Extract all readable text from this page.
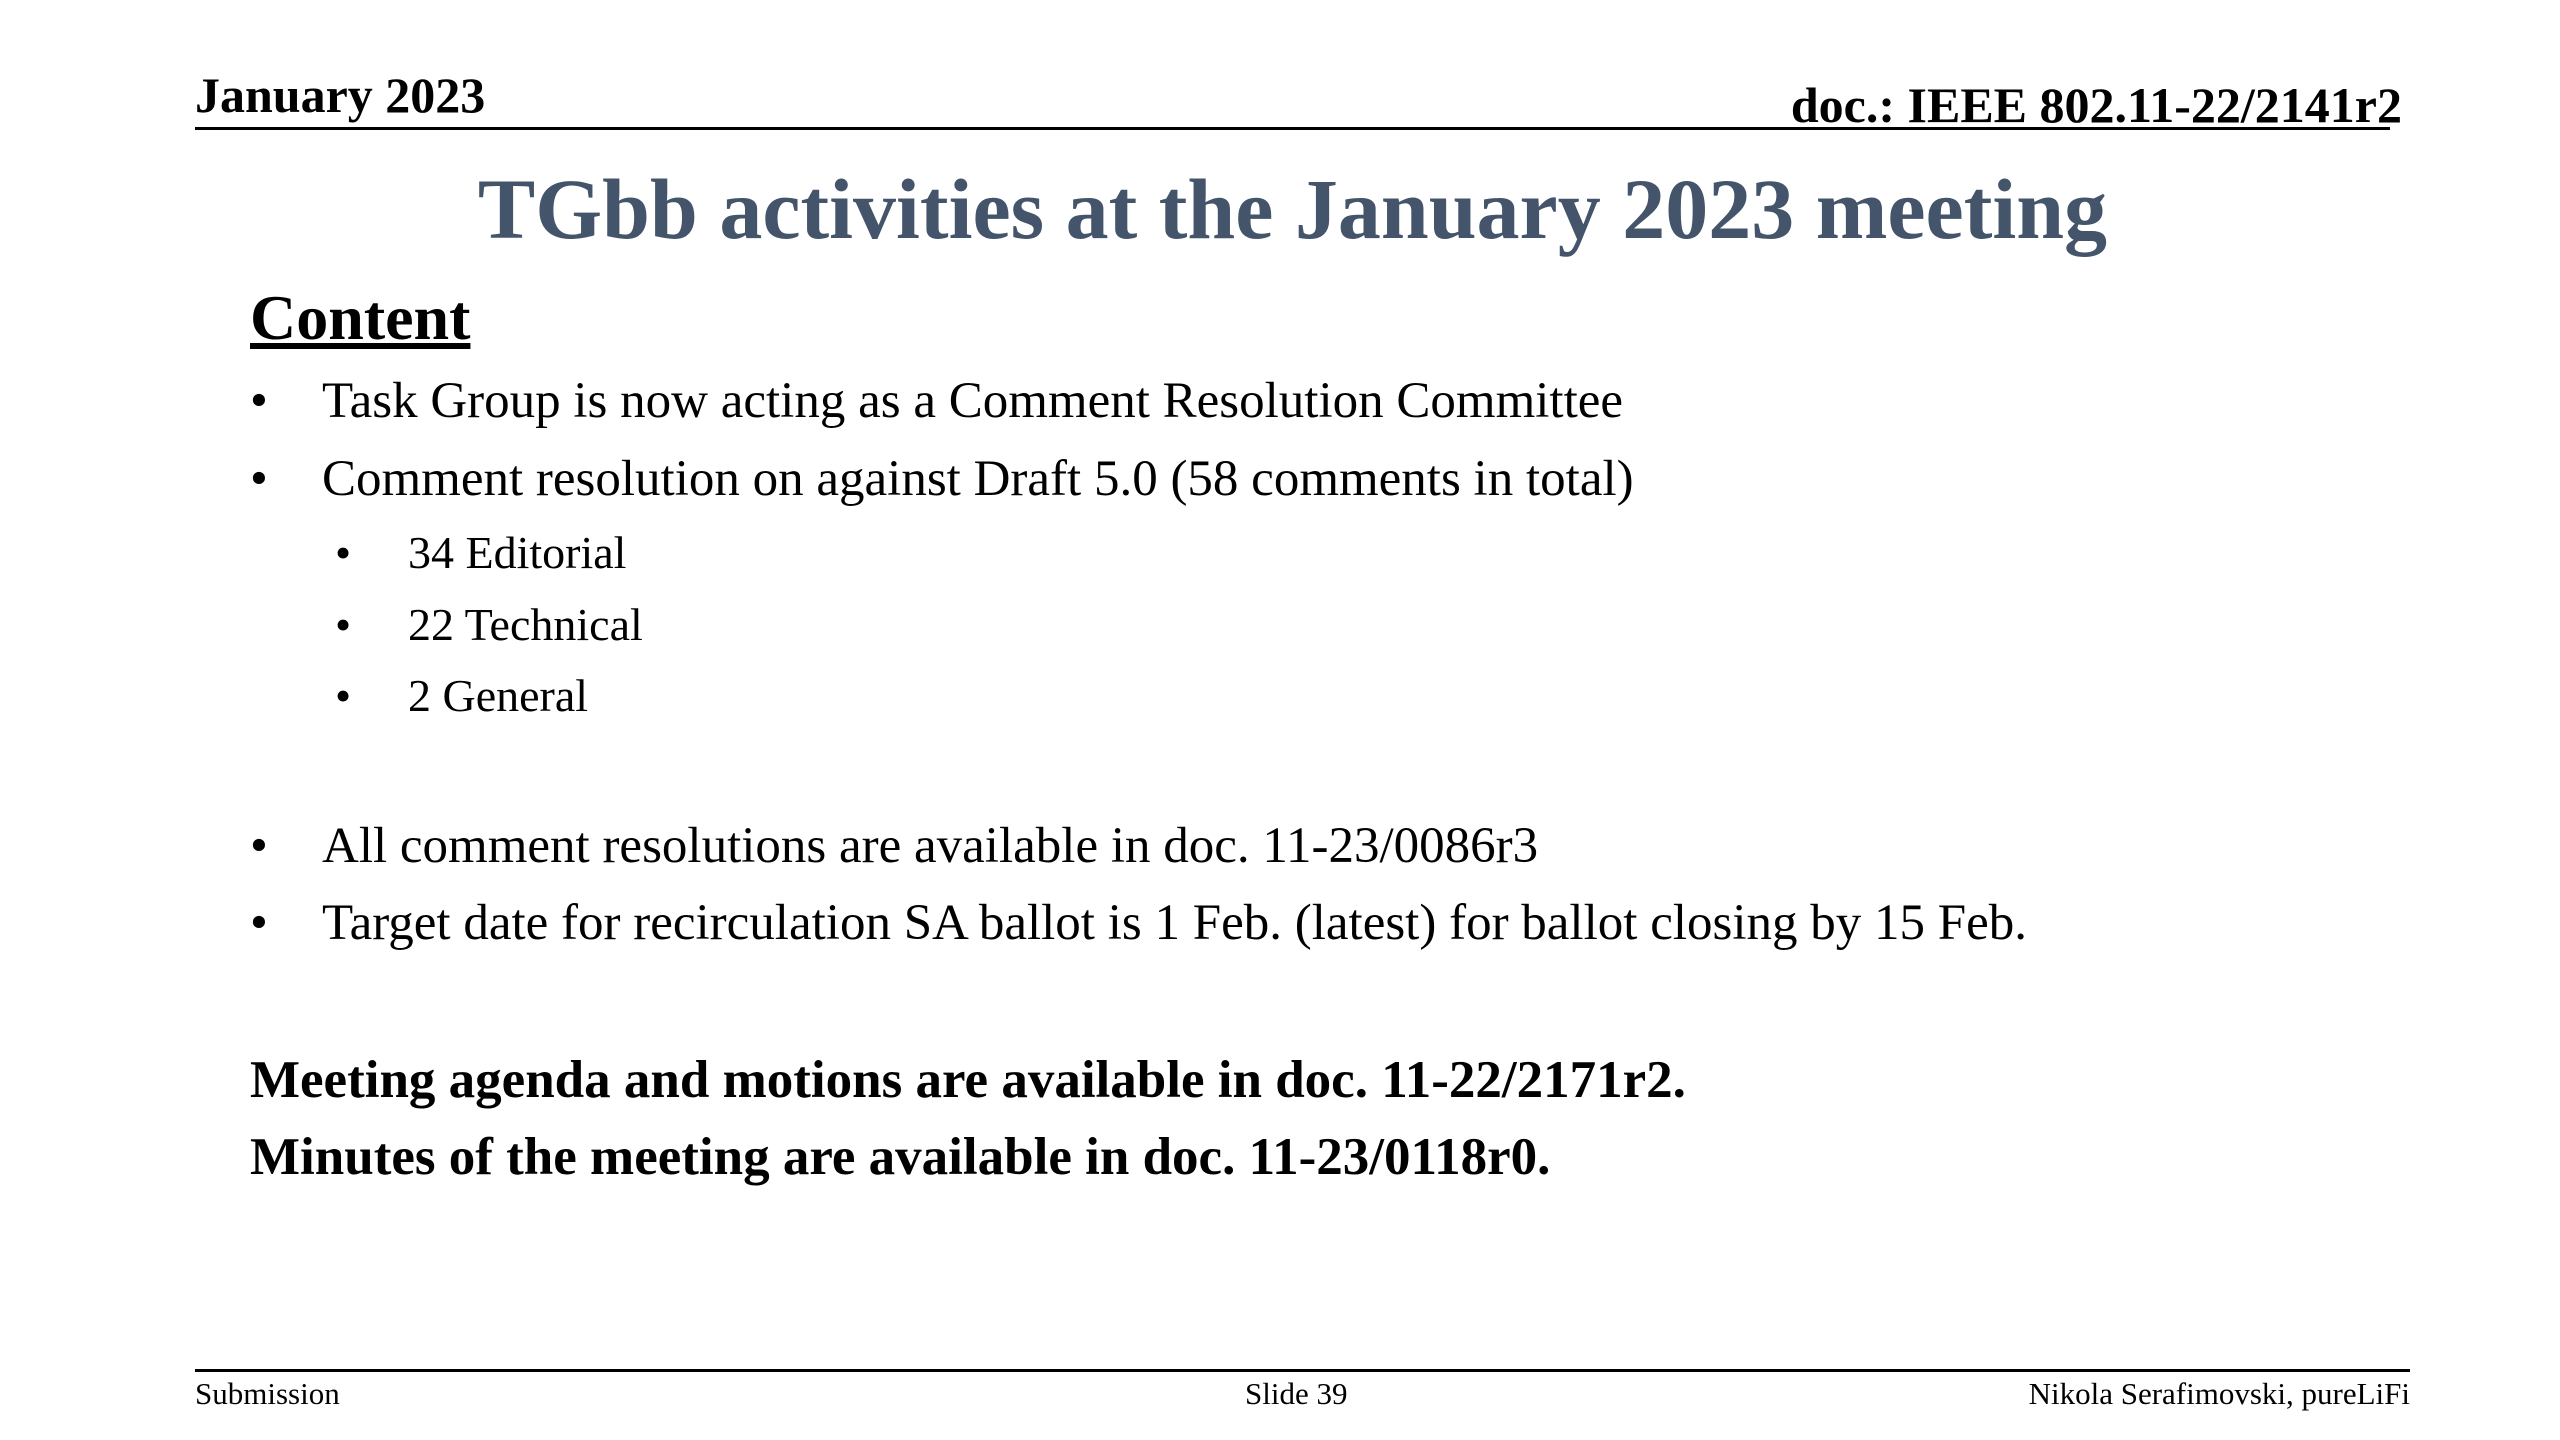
January 2023	doc.: IEEE 802.11-22/2141r2
TGbb activities at the January 2023 meeting
Content
• Task Group is now acting as a Comment Resolution Committee
• Comment resolution on against Draft 5.0 (58 comments in total)
• 34 Editorial
• 22 Technical
• 2 General
• All comment resolutions are available in doc. 11-23/0086r3
• Target date for recirculation SA ballot is 1 Feb. (latest) for ballot closing by 15 Feb.
Meeting agenda and motions are available in doc. 11-22/2171r2.
Minutes of the meeting are available in doc. 11-23/0118r0.
Submission	Slide 39	Nikola Serafimovski, pureLiFi
